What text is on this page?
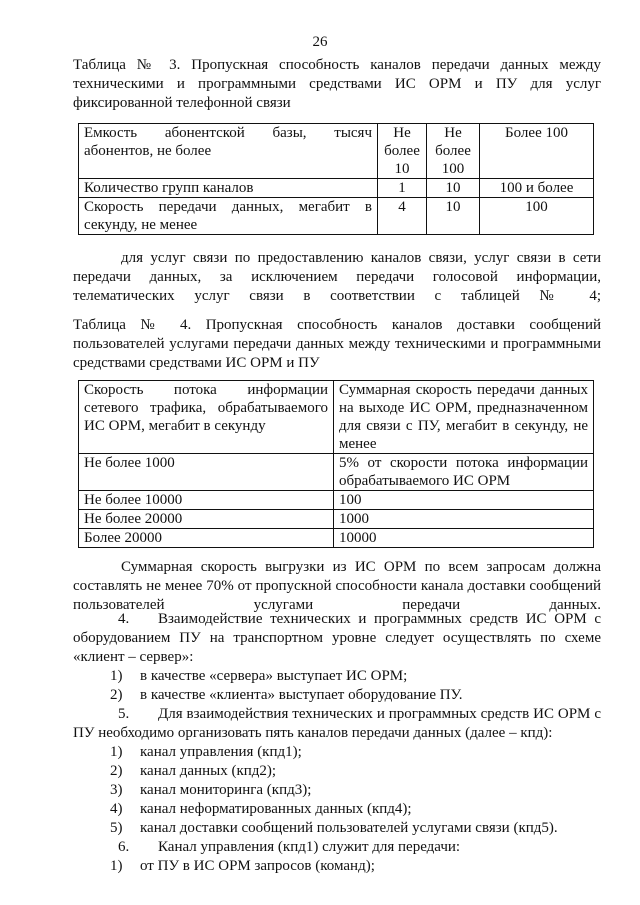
26
Таблица № 3. Пропускная способность каналов передачи данных между техническими и программными средствами ИС ОРМ и ПУ для услуг фиксированной телефонной связи
Емкость абонентской базы, тысяч абонентов, не более	Не более 10	Не более 100	Более 100
Количество групп каналов	1	10	100 и более
Скорость передачи данных, мегабит в секунду, не менее	4	10	100
для услуг связи по предоставлению каналов связи, услуг связи в сети передачи данных, за исключением передачи голосовой информации, телематических услуг связи в соответствии с таблицей № 4;
Таблица № 4. Пропускная способность каналов доставки сообщений пользователей услугами передачи данных между техническими и программными средствами средствами ИС ОРМ и ПУ
Скорость потока информации сетевого трафика, обрабатываемого ИС ОРМ, мегабит в секунду	Суммарная скорость передачи данных на выходе ИС ОРМ, предназначенном для связи с ПУ, мегабит в секунду, не менее
Не более 1000	5% от скорости потока информации обрабатываемого ИС ОРМ
Не более 10000	100
Не более 20000	1000
Более 20000	10000
Суммарная скорость выгрузки из ИС ОРМ по всем запросам должна составлять не менее 70% от пропускной способности канала доставки сообщений пользователей услугами передачи данных.
4. Взаимодействие технических и программных средств ИС ОРМ с оборудованием ПУ на транспортном уровне следует осуществлять по схеме «клиент – сервер»:
1) в качестве «сервера» выступает ИС ОРМ;
2) в качестве «клиента» выступает оборудование ПУ.
5. Для взаимодействия технических и программных средств ИС ОРМ с ПУ необходимо организовать пять каналов передачи данных (далее – кпд):
1) канал управления (кпд1);
2) канал данных (кпд2);
3) канал мониторинга (кпд3);
4) канал неформатированных данных (кпд4);
5) канал доставки сообщений пользователей услугами связи (кпд5).
6. Канал управления (кпд1) служит для передачи:
1) от ПУ в ИС ОРМ запросов (команд);
